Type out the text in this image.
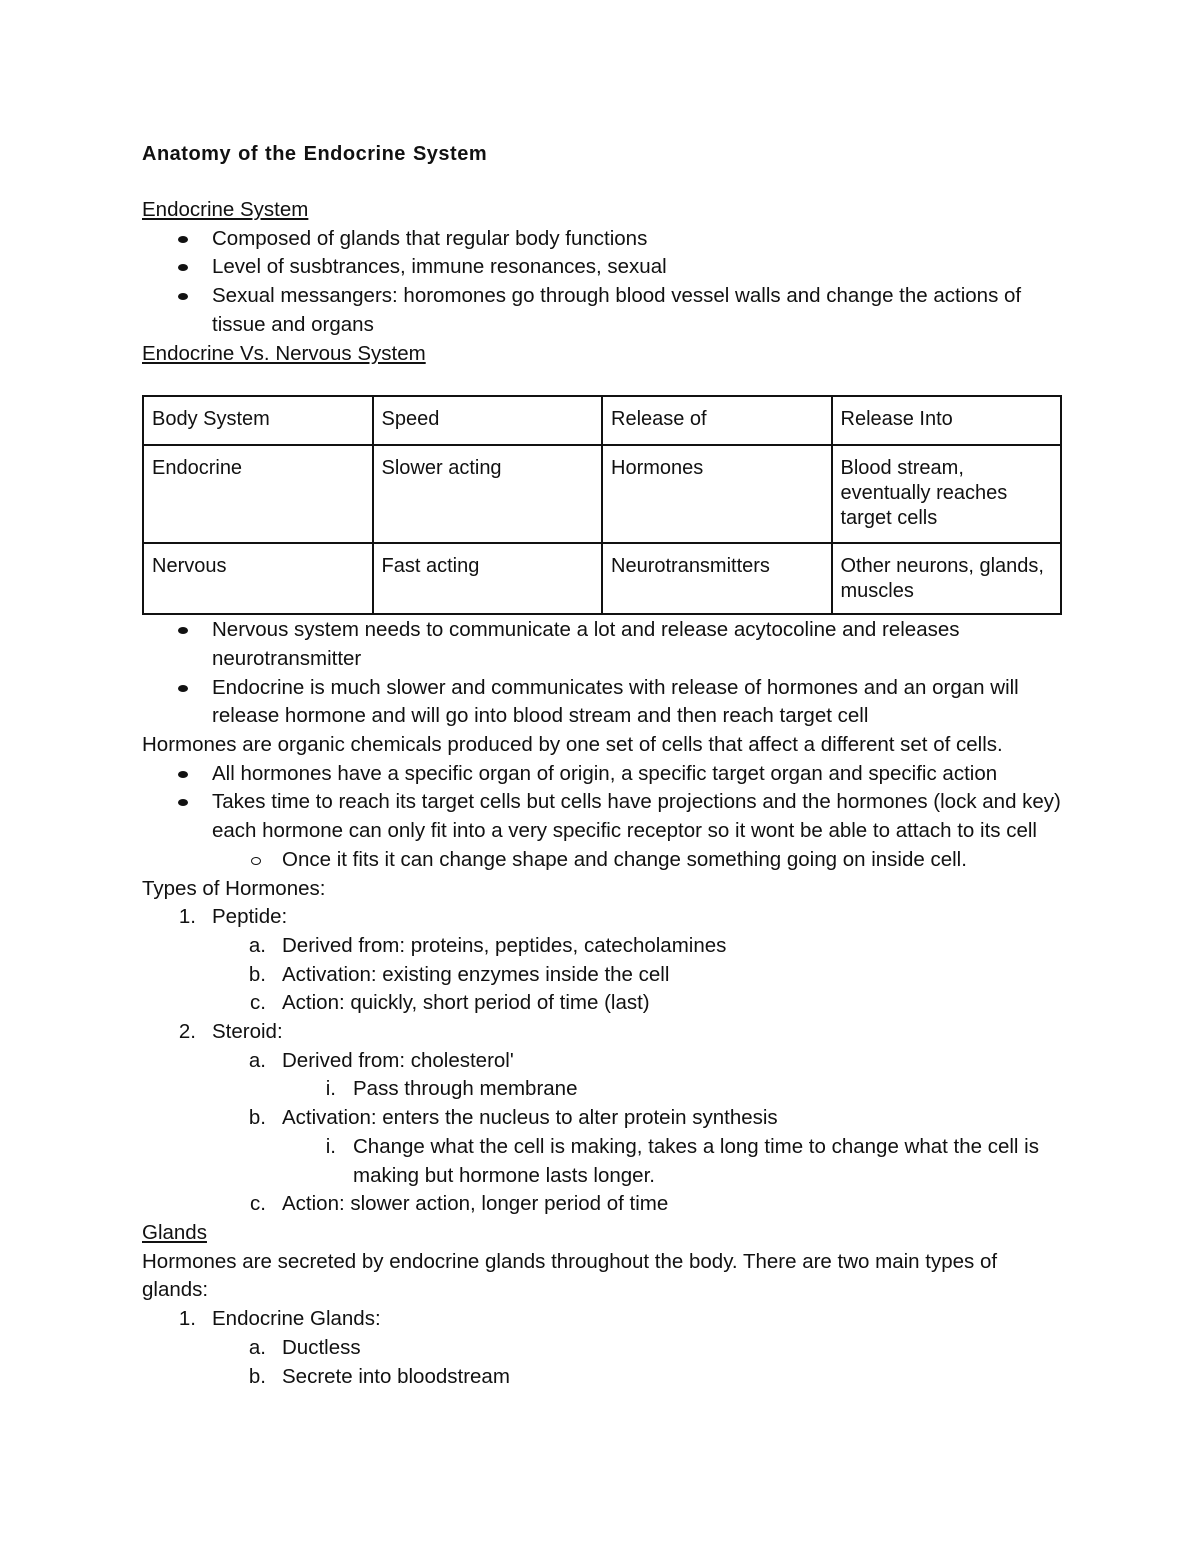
Anatomy of the Endocrine System

Endocrine System

Composed of glands that regular body functions
Level of susbtrances, immune resonances, sexual
Sexual messangers: horomones go through blood vessel walls and change the actions of tissue and organs

Endocrine Vs. Nervous System

Body System	Speed	Release of	Release Into
Endocrine	Slower acting	Hormones	Blood stream, eventually reaches target cells
Nervous	Fast acting	Neurotransmitters	Other neurons, glands, muscles
Nervous system needs to communicate a lot and release acytocoline and releases neurotransmitter
Endocrine is much slower and communicates with release of hormones and an organ will release hormone and will go into blood stream and then reach target cell

Hormones are organic chemicals produced by one set of cells that affect a different set of cells.

All hormones have a specific organ of origin, a specific target organ and specific action
Takes time to reach its target cells but cells have projections and the hormones (lock and key) each hormone can only fit into a very specific receptor so it wont be able to attach to its cell
Once it fits it can change shape and change something going on inside cell.

Types of Hormones:

1. Peptide:
a. Derived from: proteins, peptides, catecholamines
b. Activation: existing enzymes inside the cell
c. Action: quickly, short period of time (last)
2. Steroid:
a. Derived from: cholesterol'
i. Pass through membrane
b. Activation: enters the nucleus to alter protein synthesis
i. Change what the cell is making, takes a long time to change what the cell is making but hormone lasts longer.
c. Action: slower action, longer period of time

Glands

Hormones are secreted by endocrine glands throughout the body. There are two main types of glands:

1. Endocrine Glands:
a. Ductless
b. Secrete into bloodstream
